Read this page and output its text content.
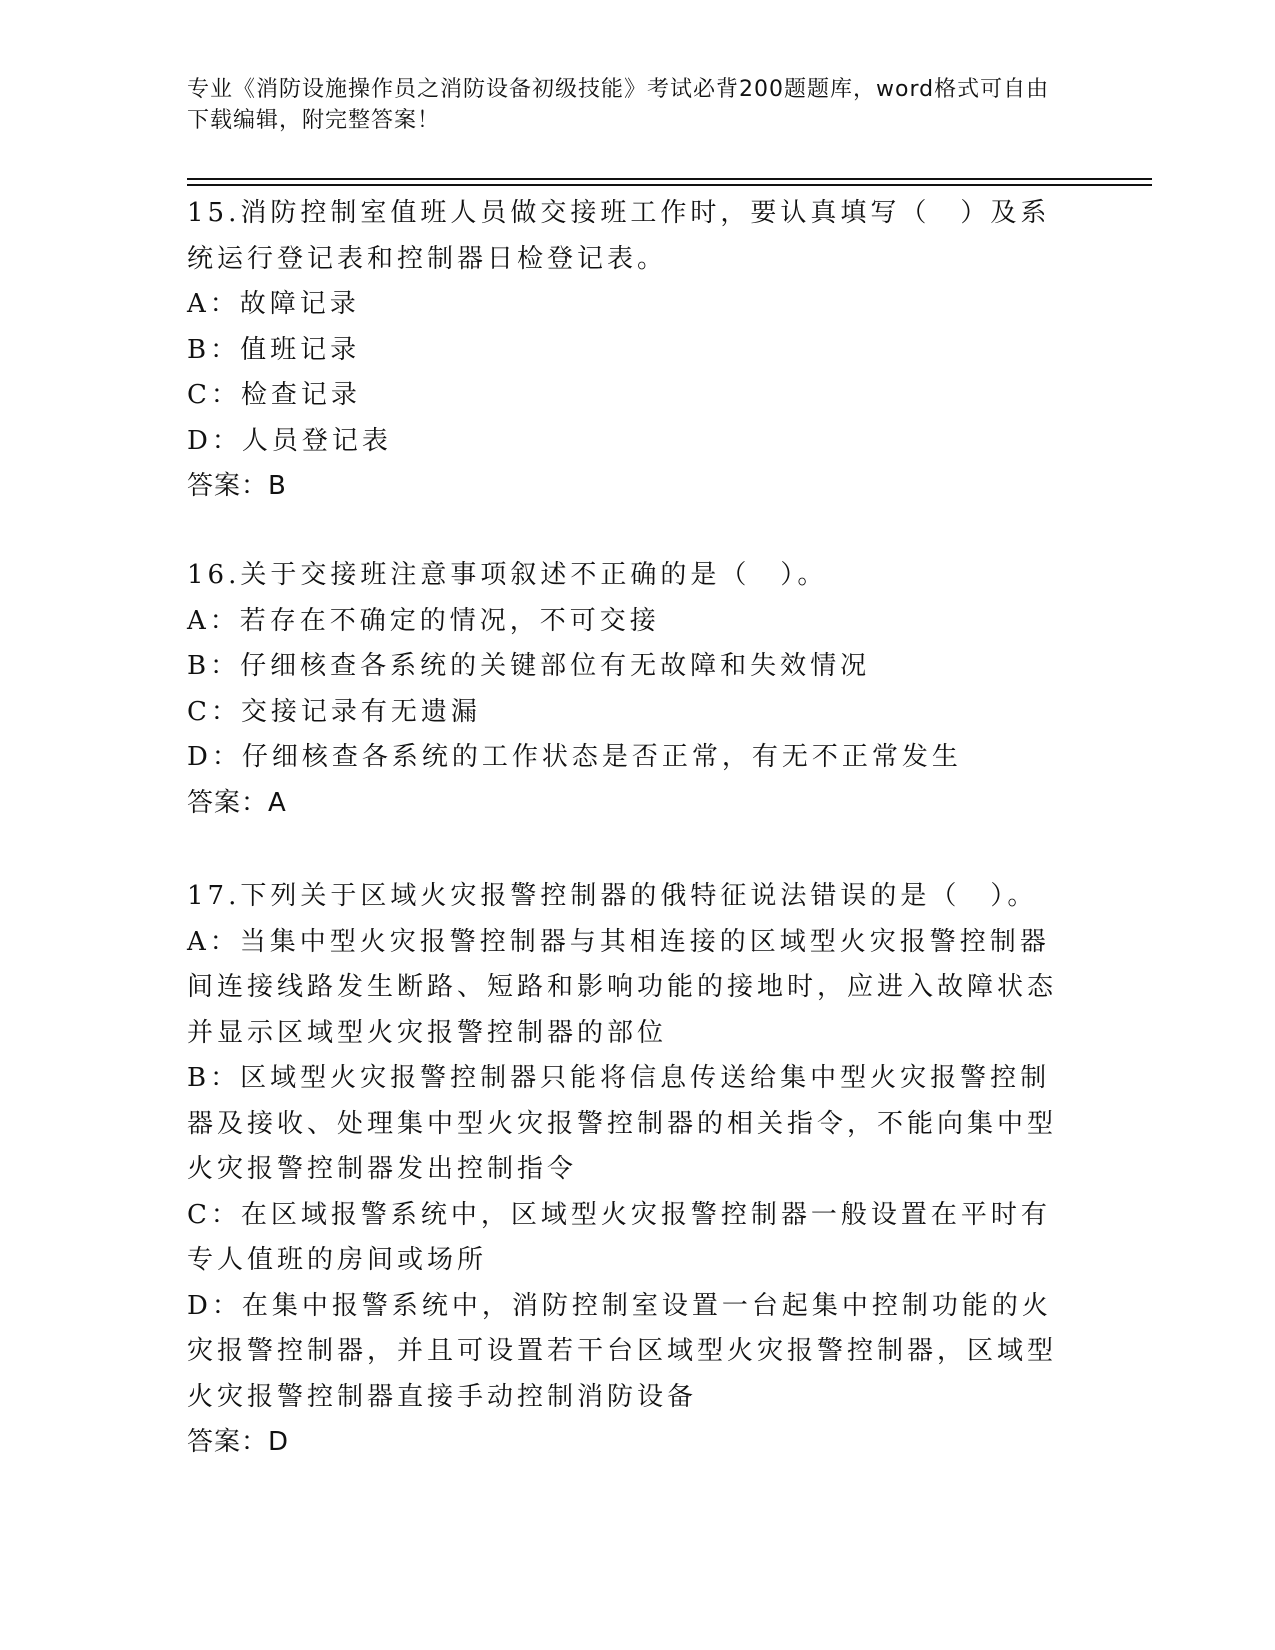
专业《消防设施操作员之消防设备初级技能》考试必背200题题库，word格式可自由下载编辑，附完整答案！

15.消防控制室值班人员做交接班工作时，要认真填写（　）及系统运行登记表和控制器日检登记表。

A：故障记录

B：值班记录

C：检查记录

D：人员登记表

答案：B

16.关于交接班注意事项叙述不正确的是（　）。

A：若存在不确定的情况，不可交接

B：仔细核查各系统的关键部位有无故障和失效情况

C：交接记录有无遗漏

D：仔细核查各系统的工作状态是否正常，有无不正常发生

答案：A

17.下列关于区域火灾报警控制器的俄特征说法错误的是（　）。

A：当集中型火灾报警控制器与其相连接的区域型火灾报警控制器间连接线路发生断路、短路和影响功能的接地时，应进入故障状态并显示区域型火灾报警控制器的部位

B：区域型火灾报警控制器只能将信息传送给集中型火灾报警控制器及接收、处理集中型火灾报警控制器的相关指令，不能向集中型火灾报警控制器发出控制指令

C：在区域报警系统中，区域型火灾报警控制器一般设置在平时有专人值班的房间或场所

D：在集中报警系统中，消防控制室设置一台起集中控制功能的火灾报警控制器，并且可设置若干台区域型火灾报警控制器，区域型火灾报警控制器直接手动控制消防设备

答案：D
